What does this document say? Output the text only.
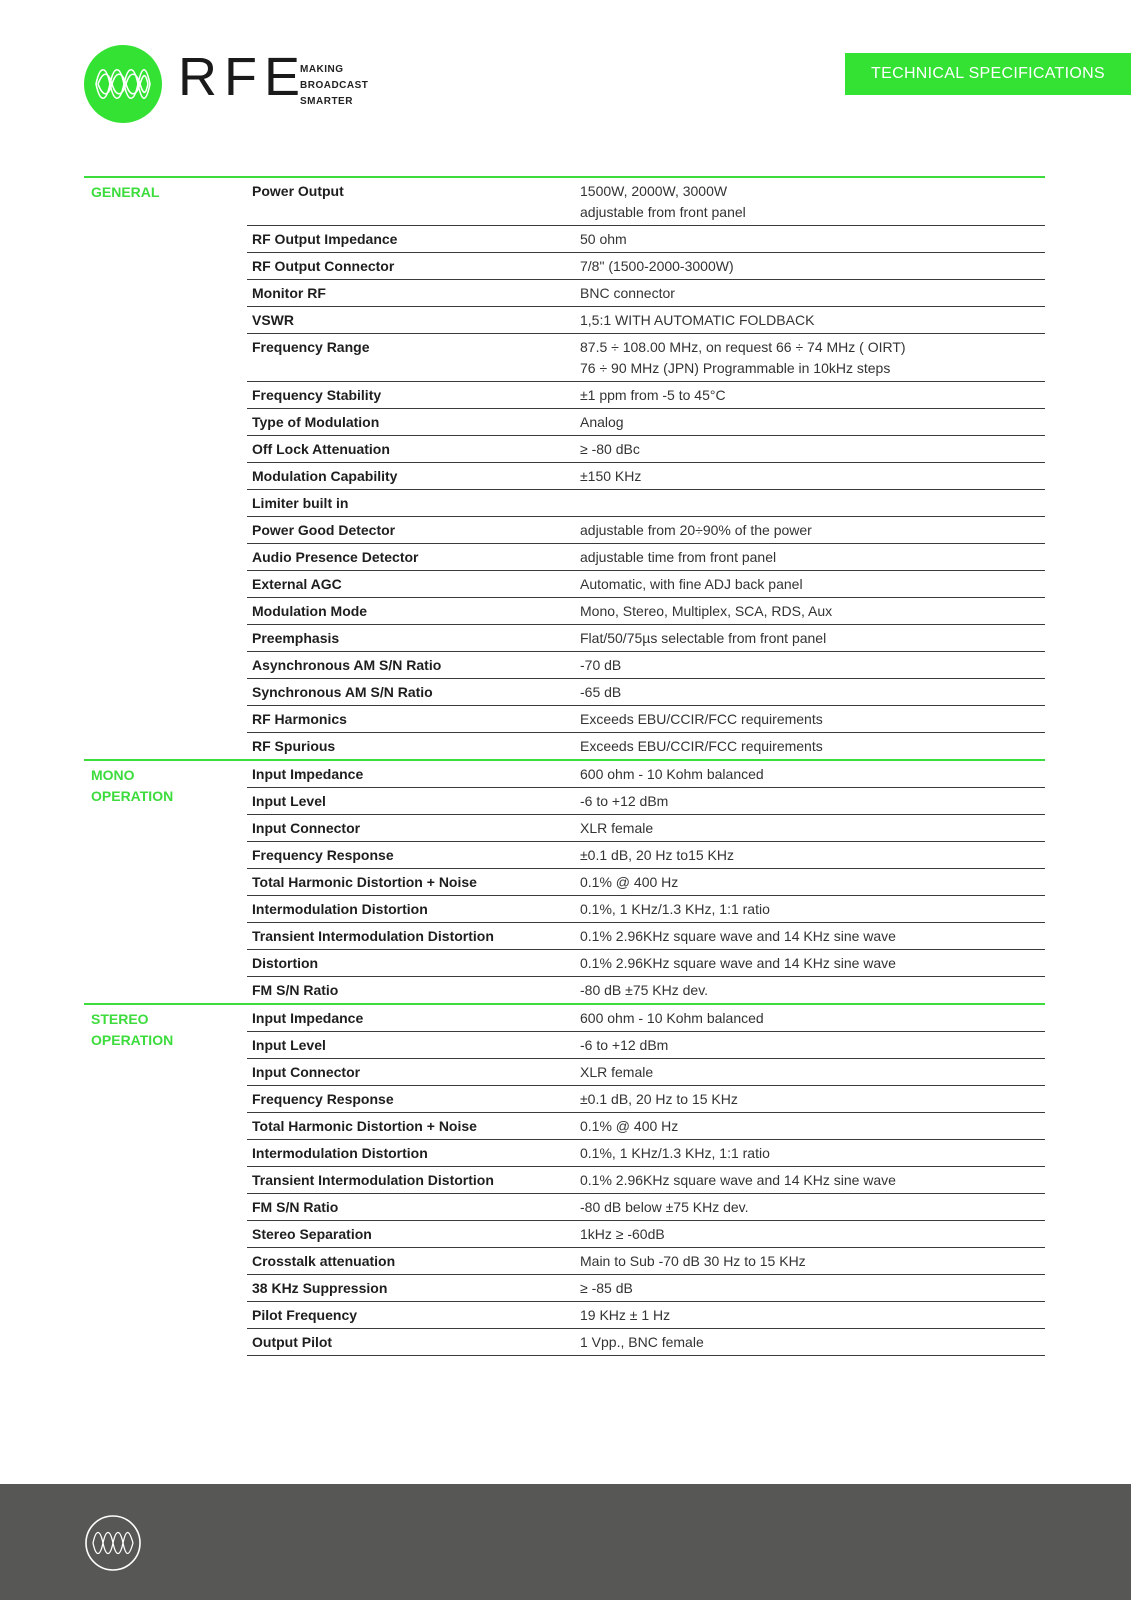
RFE
MAKING
BROADCAST
SMARTER
TECHNICAL SPECIFICATIONS
GENERAL	Power Output	1500W, 2000W, 3000W
adjustable from front panel
RF Output Impedance	50 ohm
RF Output Connector	7/8" (1500-2000-3000W)
Monitor RF	BNC connector
VSWR	1,5:1 WITH AUTOMATIC FOLDBACK
Frequency Range	87.5 ÷ 108.00 MHz, on request 66 ÷ 74 MHz ( OIRT)
76 ÷ 90 MHz (JPN) Programmable in 10kHz steps
Frequency Stability	±1 ppm from -5 to 45°C
Type of Modulation	Analog
Off Lock Attenuation	≥ -80 dBc
Modulation Capability	±150 KHz
Limiter built in
Power Good Detector	adjustable from 20÷90% of the power
Audio Presence Detector	adjustable time from front panel
External AGC	Automatic, with fine ADJ back panel
Modulation Mode	Mono, Stereo, Multiplex, SCA, RDS, Aux
Preemphasis	Flat/50/75µs selectable from front panel
Asynchronous AM S/N Ratio	-70 dB
Synchronous AM S/N Ratio	-65 dB
RF Harmonics	Exceeds EBU/CCIR/FCC requirements
RF Spurious	Exceeds EBU/CCIR/FCC requirements
MONO
OPERATION
Input Impedance	600 ohm - 10 Kohm balanced
Input Level	-6 to +12 dBm
Input Connector	XLR female
Frequency Response	±0.1 dB, 20 Hz to15 KHz
Total Harmonic Distortion + Noise	0.1% @ 400 Hz
Intermodulation Distortion	0.1%, 1 KHz/1.3 KHz, 1:1 ratio
Transient Intermodulation Distortion	0.1% 2.96KHz square wave and 14 KHz sine wave
Distortion	0.1% 2.96KHz square wave and 14 KHz sine wave
FM S/N Ratio	-80 dB ±75 KHz dev.
STEREO
OPERATION
Input Impedance	600 ohm - 10 Kohm balanced
Input Level	-6 to +12 dBm
Input Connector	XLR female
Frequency Response	±0.1 dB, 20 Hz to 15 KHz
Total Harmonic Distortion + Noise	0.1% @ 400 Hz
Intermodulation Distortion	0.1%, 1 KHz/1.3 KHz, 1:1 ratio
Transient Intermodulation Distortion	0.1% 2.96KHz square wave and 14 KHz sine wave
FM S/N Ratio	-80 dB below ±75 KHz dev.
Stereo Separation	1kHz ≥ -60dB
Crosstalk attenuation	Main to Sub -70 dB 30 Hz to 15 KHz
38 KHz Suppression	≥ -85 dB
Pilot Frequency	19 KHz ± 1 Hz
Output Pilot	1 Vpp., BNC female
